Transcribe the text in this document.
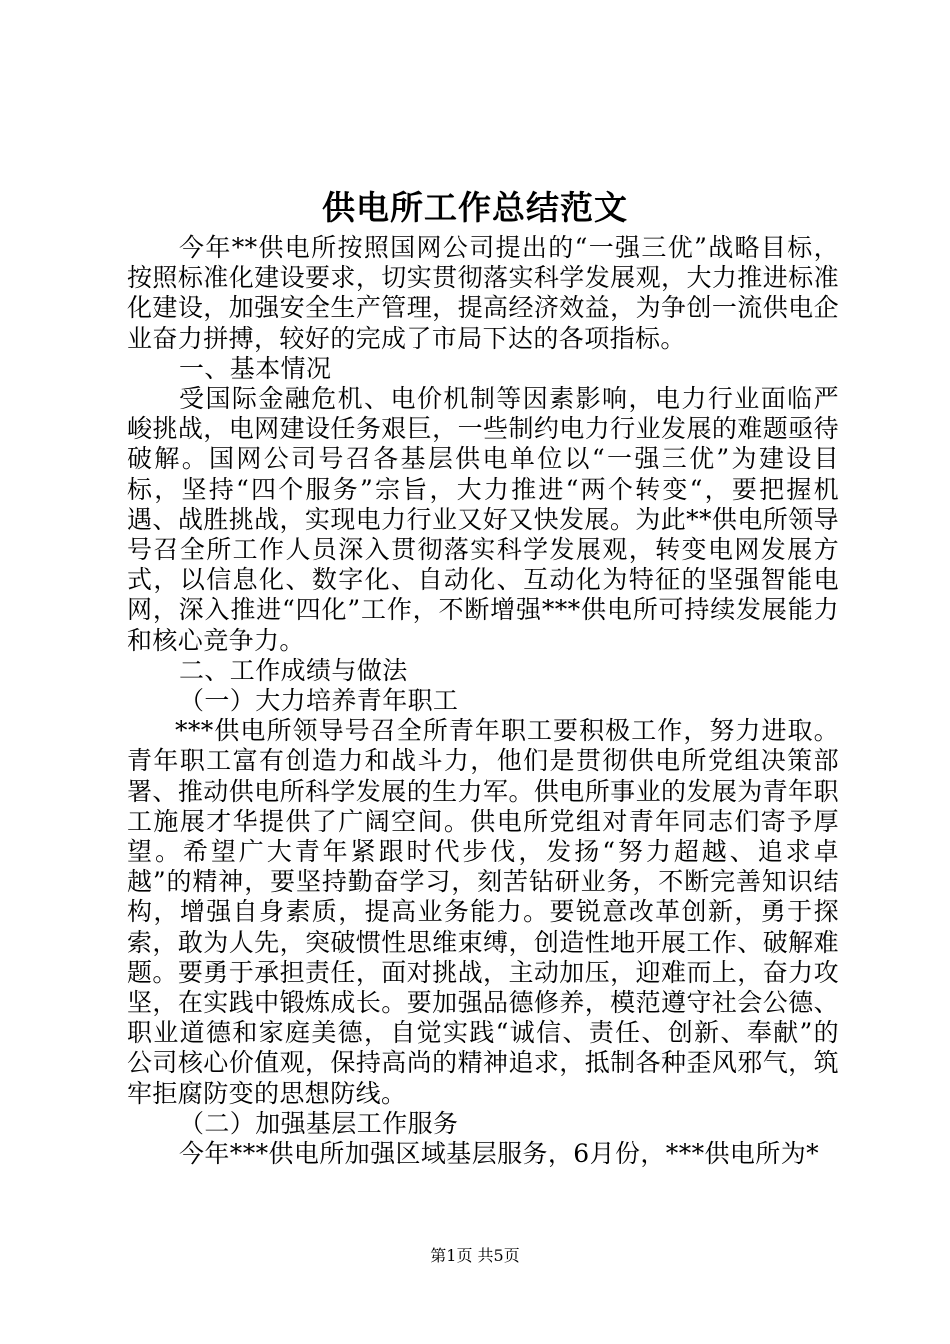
供电所工作总结范文

今年**供电所按照国网公司提出的“一强三优”战略目标，按照标准化建设要求，切实贯彻落实科学发展观，大力推进标准化建设，加强安全生产管理，提高经济效益，为争创一流供电企业奋力拼搏，较好的完成了市局下达的各项指标。

一、基本情况

受国际金融危机、电价机制等因素影响，电力行业面临严峻挑战，电网建设任务艰巨，一些制约电力行业发展的难题亟待破解。国网公司号召各基层供电单位以“一强三优”为建设目标，坚持“四个服务”宗旨，大力推进“两个转变“，要把握机遇、战胜挑战，实现电力行业又好又快发展。为此**供电所领导号召全所工作人员深入贯彻落实科学发展观，转变电网发展方式，以信息化、数字化、自动化、互动化为特征的坚强智能电网，深入推进“四化”工作，不断增强***供电所可持续发展能力和核心竞争力。

二、工作成绩与做法

（一）大力培养青年职工

***供电所领导号召全所青年职工要积极工作，努力进取。青年职工富有创造力和战斗力，他们是贯彻供电所党组决策部署、推动供电所科学发展的生力军。供电所事业的发展为青年职工施展才华提供了广阔空间。供电所党组对青年同志们寄予厚望。希望广大青年紧跟时代步伐，发扬“努力超越、追求卓越”的精神，要坚持勤奋学习，刻苦钻研业务，不断完善知识结构，增强自身素质，提高业务能力。要锐意改革创新，勇于探索，敢为人先，突破惯性思维束缚，创造性地开展工作、破解难题。要勇于承担责任，面对挑战，主动加压，迎难而上，奋力攻坚，在实践中锻炼成长。要加强品德修养，模范遵守社会公德、职业道德和家庭美德，自觉实践“诚信、责任、创新、奉献”的公司核心价值观，保持高尚的精神追求，抵制各种歪风邪气，筑牢拒腐防变的思想防线。

（二）加强基层工作服务

今年***供电所加强区域基层服务，6月份，***供电所为*

第1页 共5页
